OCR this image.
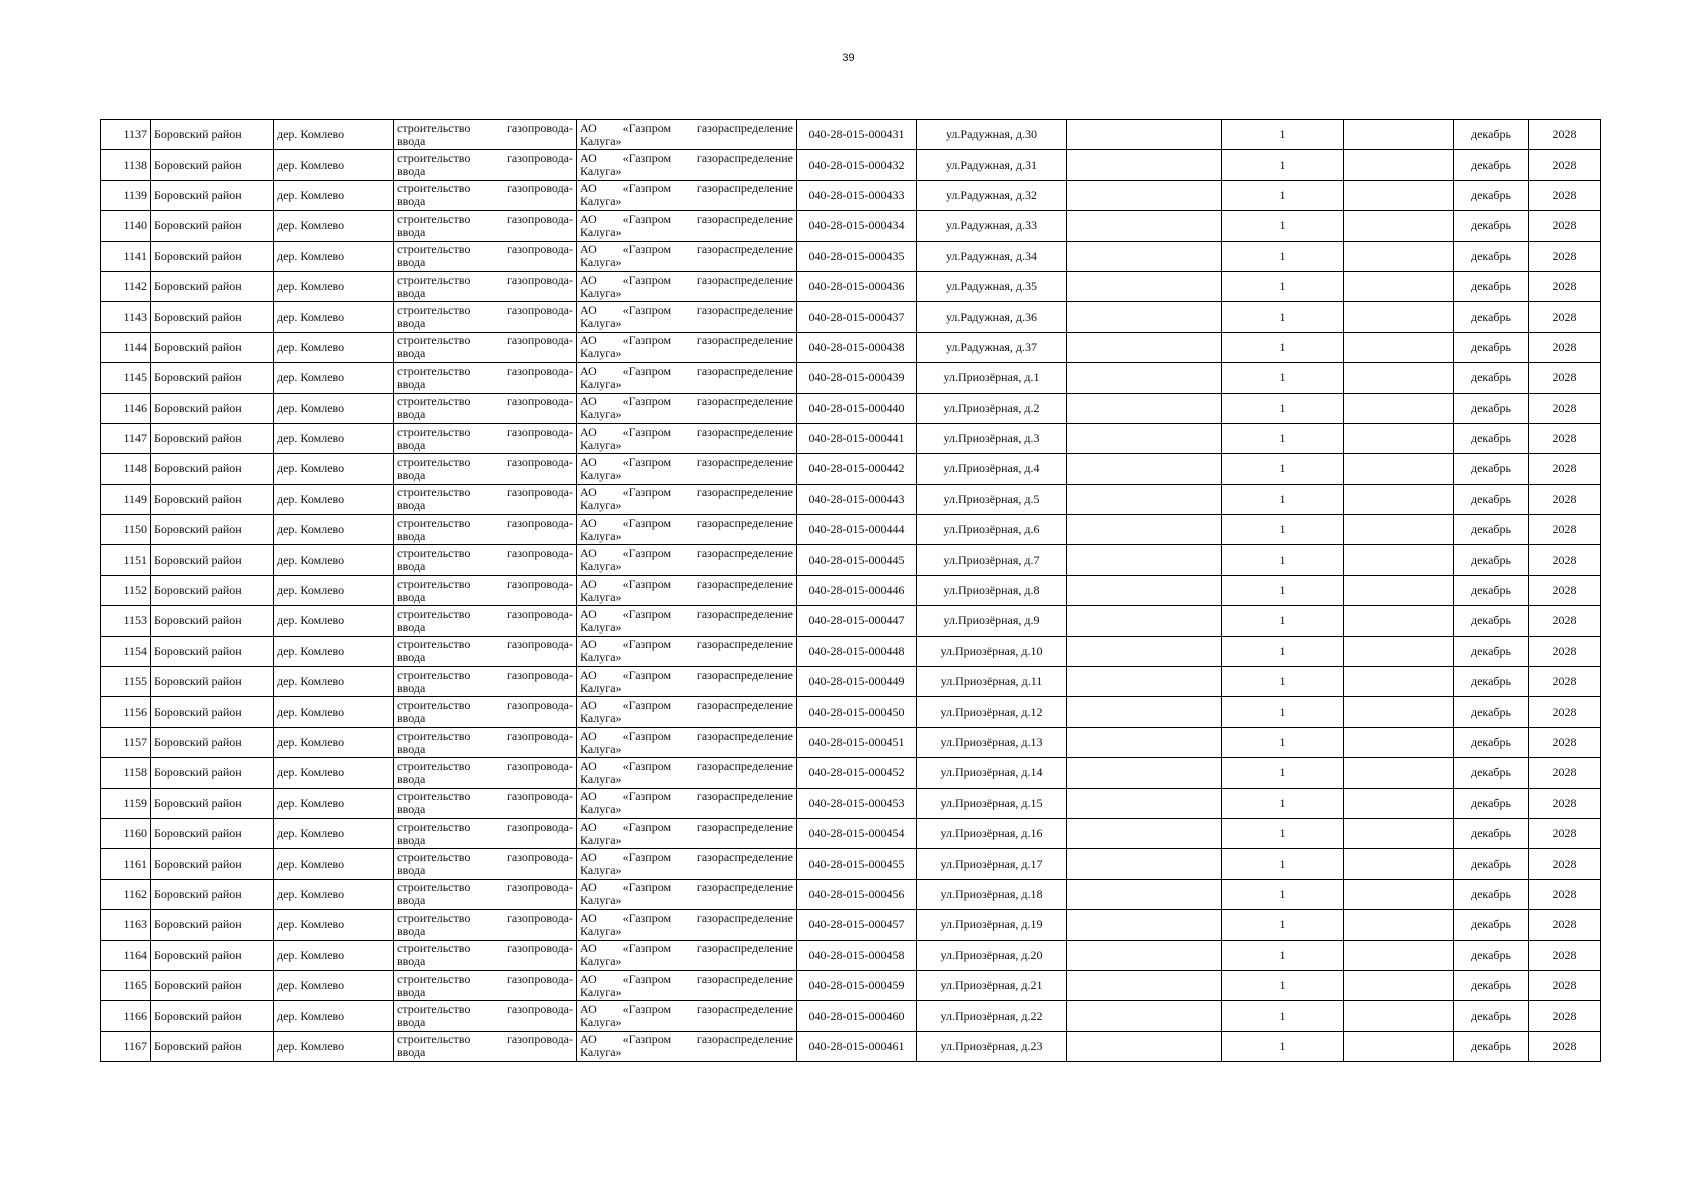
39
1137	Боровский район	дер. Комлево	строительство газопровода-
ввода	АО «Газпром газораспределение
Калуга»	040-28-015-000431	ул.Радужная, д.30		1		декабрь	2028
1138	Боровский район	дер. Комлево	строительство газопровода-
ввода	АО «Газпром газораспределение
Калуга»	040-28-015-000432	ул.Радужная, д.31		1		декабрь	2028
1139	Боровский район	дер. Комлево	строительство газопровода-
ввода	АО «Газпром газораспределение
Калуга»	040-28-015-000433	ул.Радужная, д.32		1		декабрь	2028
1140	Боровский район	дер. Комлево	строительство газопровода-
ввода	АО «Газпром газораспределение
Калуга»	040-28-015-000434	ул.Радужная, д.33		1		декабрь	2028
1141	Боровский район	дер. Комлево	строительство газопровода-
ввода	АО «Газпром газораспределение
Калуга»	040-28-015-000435	ул.Радужная, д.34		1		декабрь	2028
1142	Боровский район	дер. Комлево	строительство газопровода-
ввода	АО «Газпром газораспределение
Калуга»	040-28-015-000436	ул.Радужная, д.35		1		декабрь	2028
1143	Боровский район	дер. Комлево	строительство газопровода-
ввода	АО «Газпром газораспределение
Калуга»	040-28-015-000437	ул.Радужная, д.36		1		декабрь	2028
1144	Боровский район	дер. Комлево	строительство газопровода-
ввода	АО «Газпром газораспределение
Калуга»	040-28-015-000438	ул.Радужная, д.37		1		декабрь	2028
1145	Боровский район	дер. Комлево	строительство газопровода-
ввода	АО «Газпром газораспределение
Калуга»	040-28-015-000439	ул.Приозёрная, д.1		1		декабрь	2028
1146	Боровский район	дер. Комлево	строительство газопровода-
ввода	АО «Газпром газораспределение
Калуга»	040-28-015-000440	ул.Приозёрная, д.2		1		декабрь	2028
1147	Боровский район	дер. Комлево	строительство газопровода-
ввода	АО «Газпром газораспределение
Калуга»	040-28-015-000441	ул.Приозёрная, д.3		1		декабрь	2028
1148	Боровский район	дер. Комлево	строительство газопровода-
ввода	АО «Газпром газораспределение
Калуга»	040-28-015-000442	ул.Приозёрная, д.4		1		декабрь	2028
1149	Боровский район	дер. Комлево	строительство газопровода-
ввода	АО «Газпром газораспределение
Калуга»	040-28-015-000443	ул.Приозёрная, д.5		1		декабрь	2028
1150	Боровский район	дер. Комлево	строительство газопровода-
ввода	АО «Газпром газораспределение
Калуга»	040-28-015-000444	ул.Приозёрная, д.6		1		декабрь	2028
1151	Боровский район	дер. Комлево	строительство газопровода-
ввода	АО «Газпром газораспределение
Калуга»	040-28-015-000445	ул.Приозёрная, д.7		1		декабрь	2028
1152	Боровский район	дер. Комлево	строительство газопровода-
ввода	АО «Газпром газораспределение
Калуга»	040-28-015-000446	ул.Приозёрная, д.8		1		декабрь	2028
1153	Боровский район	дер. Комлево	строительство газопровода-
ввода	АО «Газпром газораспределение
Калуга»	040-28-015-000447	ул.Приозёрная, д.9		1		декабрь	2028
1154	Боровский район	дер. Комлево	строительство газопровода-
ввода	АО «Газпром газораспределение
Калуга»	040-28-015-000448	ул.Приозёрная, д.10		1		декабрь	2028
1155	Боровский район	дер. Комлево	строительство газопровода-
ввода	АО «Газпром газораспределение
Калуга»	040-28-015-000449	ул.Приозёрная, д.11		1		декабрь	2028
1156	Боровский район	дер. Комлево	строительство газопровода-
ввода	АО «Газпром газораспределение
Калуга»	040-28-015-000450	ул.Приозёрная, д.12		1		декабрь	2028
1157	Боровский район	дер. Комлево	строительство газопровода-
ввода	АО «Газпром газораспределение
Калуга»	040-28-015-000451	ул.Приозёрная, д.13		1		декабрь	2028
1158	Боровский район	дер. Комлево	строительство газопровода-
ввода	АО «Газпром газораспределение
Калуга»	040-28-015-000452	ул.Приозёрная, д.14		1		декабрь	2028
1159	Боровский район	дер. Комлево	строительство газопровода-
ввода	АО «Газпром газораспределение
Калуга»	040-28-015-000453	ул.Приозёрная, д.15		1		декабрь	2028
1160	Боровский район	дер. Комлево	строительство газопровода-
ввода	АО «Газпром газораспределение
Калуга»	040-28-015-000454	ул.Приозёрная, д.16		1		декабрь	2028
1161	Боровский район	дер. Комлево	строительство газопровода-
ввода	АО «Газпром газораспределение
Калуга»	040-28-015-000455	ул.Приозёрная, д.17		1		декабрь	2028
1162	Боровский район	дер. Комлево	строительство газопровода-
ввода	АО «Газпром газораспределение
Калуга»	040-28-015-000456	ул.Приозёрная, д.18		1		декабрь	2028
1163	Боровский район	дер. Комлево	строительство газопровода-
ввода	АО «Газпром газораспределение
Калуга»	040-28-015-000457	ул.Приозёрная, д.19		1		декабрь	2028
1164	Боровский район	дер. Комлево	строительство газопровода-
ввода	АО «Газпром газораспределение
Калуга»	040-28-015-000458	ул.Приозёрная, д.20		1		декабрь	2028
1165	Боровский район	дер. Комлево	строительство газопровода-
ввода	АО «Газпром газораспределение
Калуга»	040-28-015-000459	ул.Приозёрная, д.21		1		декабрь	2028
1166	Боровский район	дер. Комлево	строительство газопровода-
ввода	АО «Газпром газораспределение
Калуга»	040-28-015-000460	ул.Приозёрная, д.22		1		декабрь	2028
1167	Боровский район	дер. Комлево	строительство газопровода-
ввода	АО «Газпром газораспределение
Калуга»	040-28-015-000461	ул.Приозёрная, д.23		1		декабрь	2028
